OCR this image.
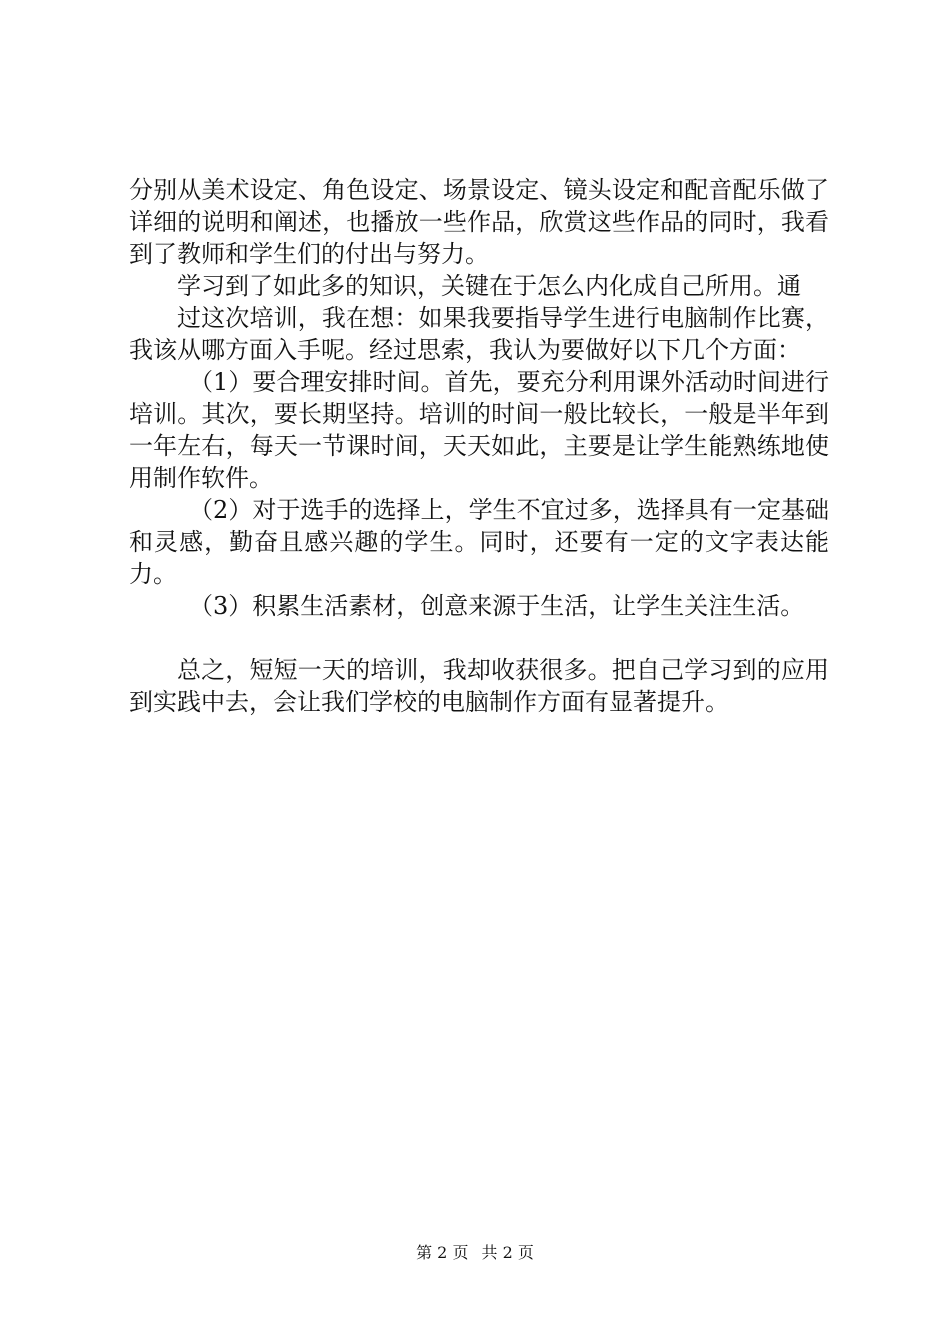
分别从美术设定、角色设定、场景设定、镜头设定和配音配乐做了详细的说明和阐述，也播放一些作品，欣赏这些作品的同时，我看到了教师和学生们的付出与努力。

学习到了如此多的知识，关键在于怎么内化成自己所用。通

过这次培训，我在想：如果我要指导学生进行电脑制作比赛，我该从哪方面入手呢。经过思索，我认为要做好以下几个方面：

（1）要合理安排时间。首先，要充分利用课外活动时间进行培训。其次，要长期坚持。培训的时间一般比较长，一般是半年到一年左右，每天一节课时间，天天如此，主要是让学生能熟练地使用制作软件。

（2）对于选手的选择上，学生不宜过多，选择具有一定基础和灵感，勤奋且感兴趣的学生。同时，还要有一定的文字表达能力。

（3）积累生活素材，创意来源于生活，让学生关注生活。

总之，短短一天的培训，我却收获很多。把自己学习到的应用到实践中去，会让我们学校的电脑制作方面有显著提升。

第 2 页 共 2 页
